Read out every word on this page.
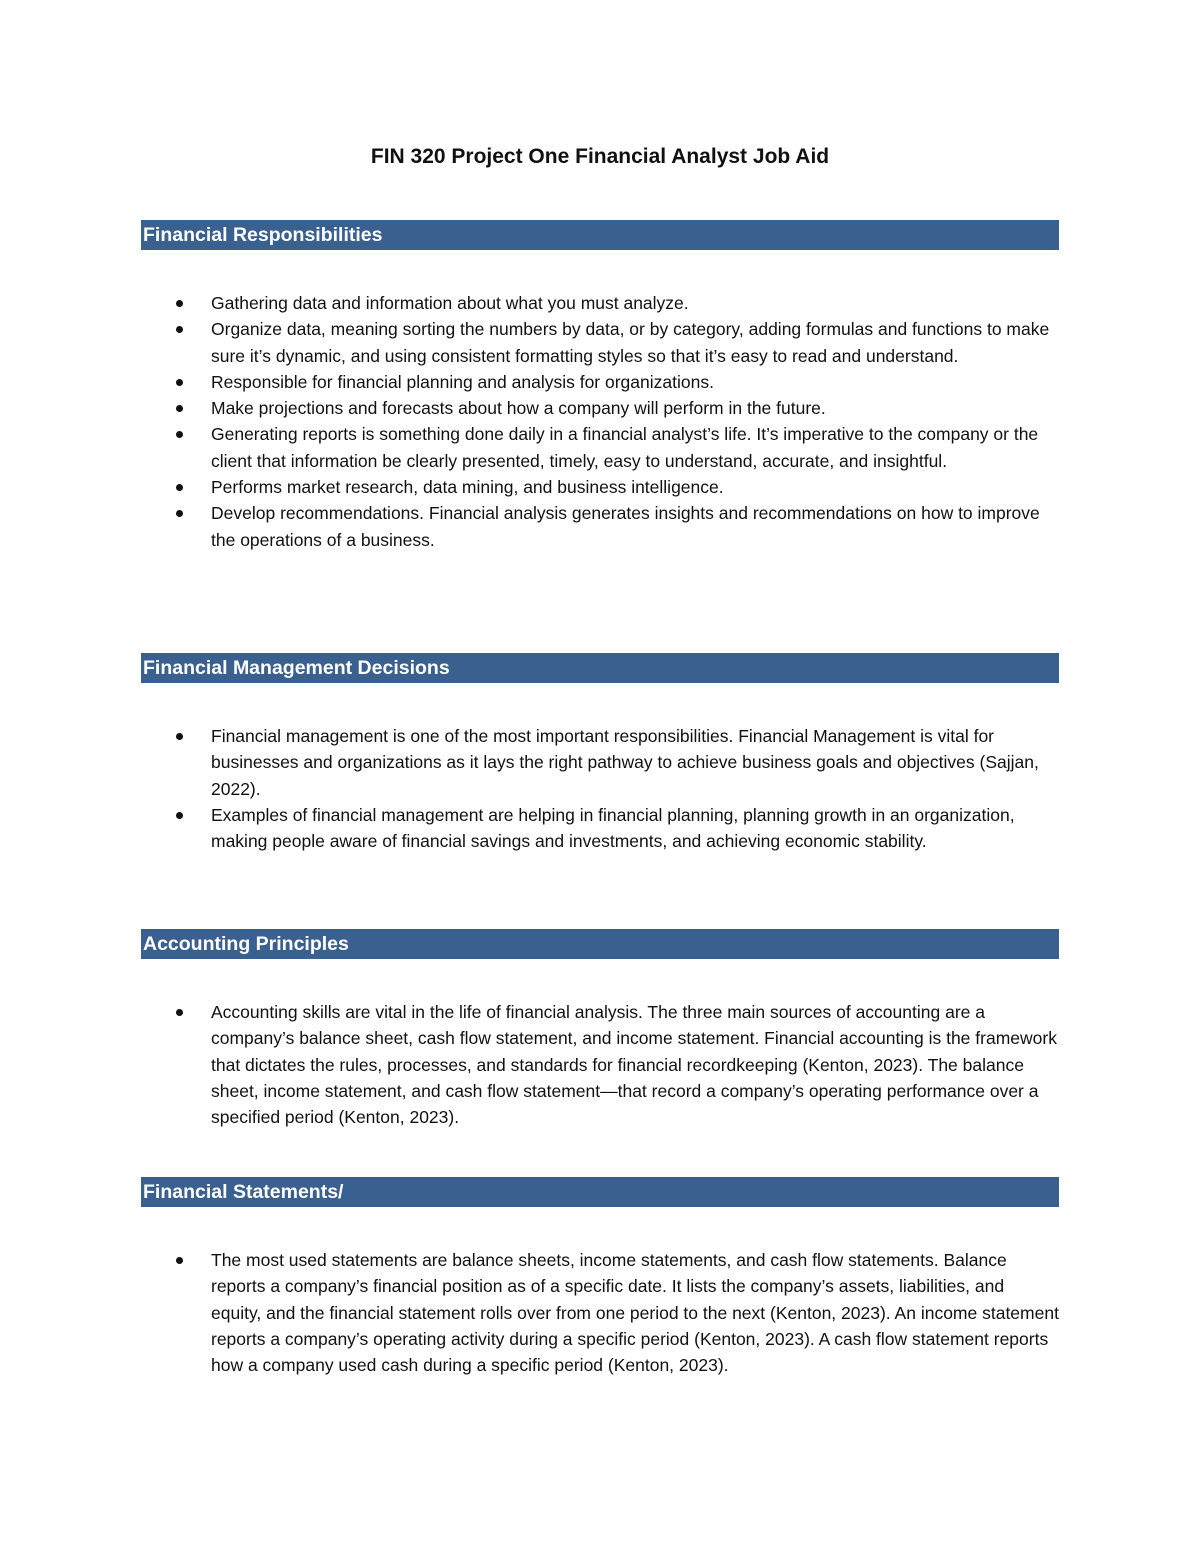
FIN 320 Project One Financial Analyst Job Aid
Financial Responsibilities
Gathering data and information about what you must analyze.
Organize data, meaning sorting the numbers by data, or by category, adding formulas and functions to make sure it’s dynamic, and using consistent formatting styles so that it’s easy to read and understand.
Responsible for financial planning and analysis for organizations.
Make projections and forecasts about how a company will perform in the future.
Generating reports is something done daily in a financial analyst’s life. It’s imperative to the company or the client that information be clearly presented, timely, easy to understand, accurate, and insightful.
Performs market research, data mining, and business intelligence.
Develop recommendations. Financial analysis generates insights and recommendations on how to improve the operations of a business.
Financial Management Decisions
Financial management is one of the most important responsibilities. Financial Management is vital for businesses and organizations as it lays the right pathway to achieve business goals and objectives (Sajjan, 2022).
Examples of financial management are helping in financial planning, planning growth in an organization, making people aware of financial savings and investments, and achieving economic stability.
Accounting Principles
Accounting skills are vital in the life of financial analysis. The three main sources of accounting are a company’s balance sheet, cash flow statement, and income statement. Financial accounting is the framework that dictates the rules, processes, and standards for financial recordkeeping (Kenton, 2023). The balance sheet, income statement, and cash flow statement—that record a company’s operating performance over a specified period (Kenton, 2023).
Financial Statements/
The most used statements are balance sheets, income statements, and cash flow statements. Balance reports a company’s financial position as of a specific date. It lists the company’s assets, liabilities, and equity, and the financial statement rolls over from one period to the next (Kenton, 2023). An income statement reports a company’s operating activity during a specific period (Kenton, 2023). A cash flow statement reports how a company used cash during a specific period (Kenton, 2023).
